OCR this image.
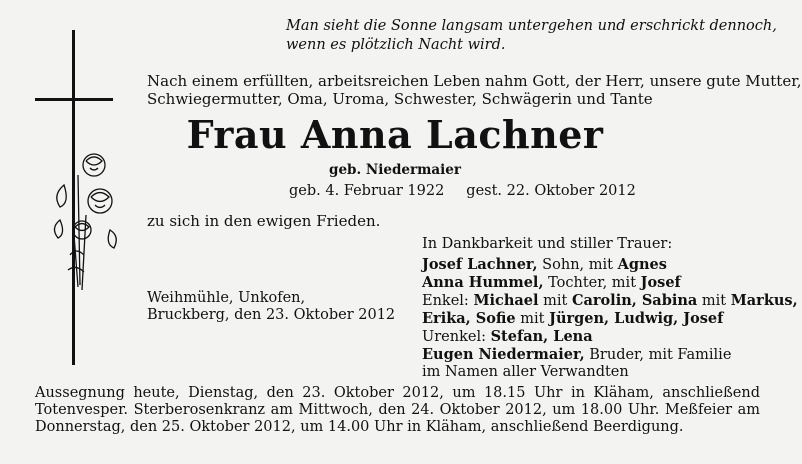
Man sieht die Sonne langsam untergehen und erschrickt dennoch,
wenn es plötzlich Nacht wird.
Nach einem erfüllten, arbeitsreichen Leben nahm Gott, der Herr, unsere gute Mutter,
Schwiegermutter, Oma, Uroma, Schwester, Schwägerin und Tante
Frau Anna Lachner
geb. Niedermaier
geb. 4. Februar 1922 gest. 22. Oktober 2012
zu sich in den ewigen Frieden.
In Dankbarkeit und stiller Trauer:
Josef Lachner, Sohn, mit Agnes
Anna Hummel, Tochter, mit Josef
Enkel: Michael mit Carolin, Sabina mit Markus,
Erika, Sofie mit Jürgen, Ludwig, Josef
Urenkel: Stefan, Lena
Eugen Niedermaier, Bruder, mit Familie
im Namen aller Verwandten
Weihmühle, Unkofen,
Bruckberg, den 23. Oktober 2012
Aussegnung heute, Dienstag, den 23. Oktober 2012, um 18.15 Uhr in Kläham, anschließend Totenvesper. Sterberosenkranz am Mittwoch, den 24. Oktober 2012, um 18.00 Uhr. Meßfeier am Donnerstag, den 25. Oktober 2012, um 14.00 Uhr in Kläham, anschließend Beerdigung.
